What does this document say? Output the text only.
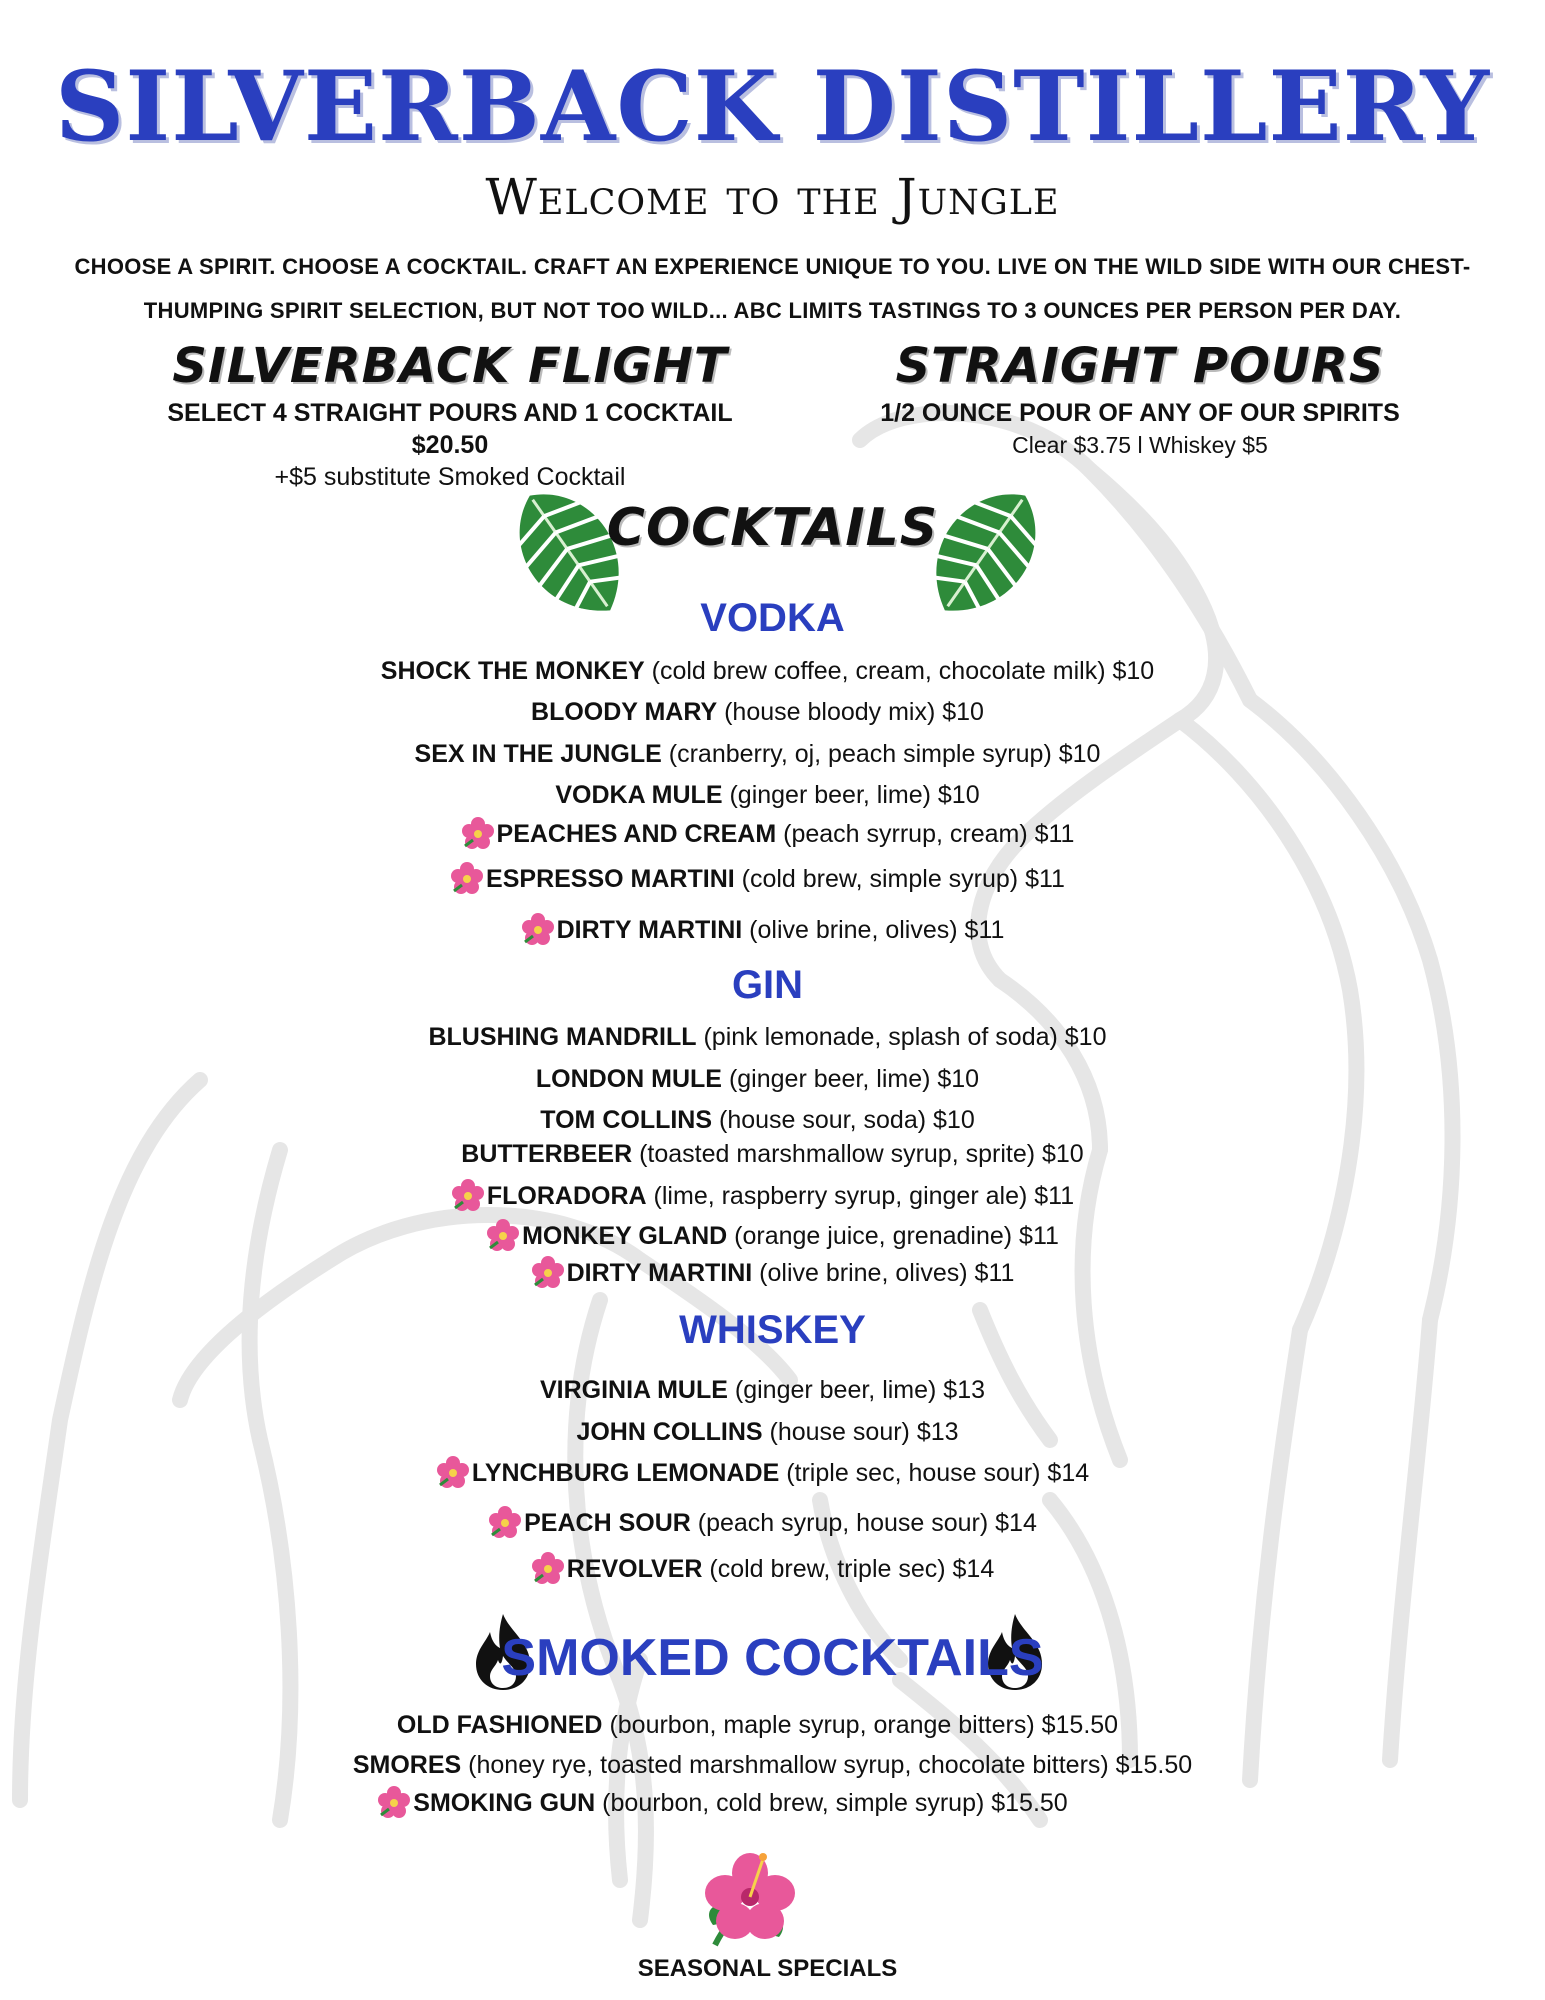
SILVERBACK DISTILLERY
Welcome to the Jungle
CHOOSE A SPIRIT. CHOOSE A COCKTAIL. CRAFT AN EXPERIENCE UNIQUE TO YOU. LIVE ON THE WILD SIDE WITH OUR CHEST-
THUMPING SPIRIT SELECTION, BUT NOT TOO WILD... ABC LIMITS TASTINGS TO 3 OUNCES PER PERSON PER DAY.
SILVERBACK FLIGHT
SELECT 4 STRAIGHT POURS AND 1 COCKTAIL $20.50
+$5 substitute Smoked Cocktail
STRAIGHT POURS
1/2 OUNCE POUR OF ANY OF OUR SPIRITS
Clear $3.75 l Whiskey $5
COCKTAILS
VODKA
SHOCK THE MONKEY (cold brew coffee, cream, chocolate milk) $10
BLOODY MARY (house bloody mix) $10
SEX IN THE JUNGLE (cranberry, oj, peach simple syrup) $10
VODKA MULE (ginger beer, lime) $10
PEACHES AND CREAM (peach syrrup, cream) $11
ESPRESSO MARTINI (cold brew, simple syrup) $11
DIRTY MARTINI (olive brine, olives) $11
GIN
BLUSHING MANDRILL (pink lemonade, splash of soda) $10
LONDON MULE (ginger beer, lime) $10
TOM COLLINS (house sour, soda) $10
BUTTERBEER (toasted marshmallow syrup, sprite) $10
FLORADORA (lime, raspberry syrup, ginger ale) $11
MONKEY GLAND (orange juice, grenadine) $11
DIRTY MARTINI (olive brine, olives) $11
WHISKEY
VIRGINIA MULE (ginger beer, lime) $13
JOHN COLLINS (house sour) $13
LYNCHBURG LEMONADE (triple sec, house sour) $14
PEACH SOUR (peach syrup, house sour) $14
REVOLVER (cold brew, triple sec) $14
SMOKED COCKTAILS
OLD FASHIONED (bourbon, maple syrup, orange bitters) $15.50
SMORES (honey rye, toasted marshmallow syrup, chocolate bitters) $15.50
SMOKING GUN (bourbon, cold brew, simple syrup) $15.50
SEASONAL SPECIALS
